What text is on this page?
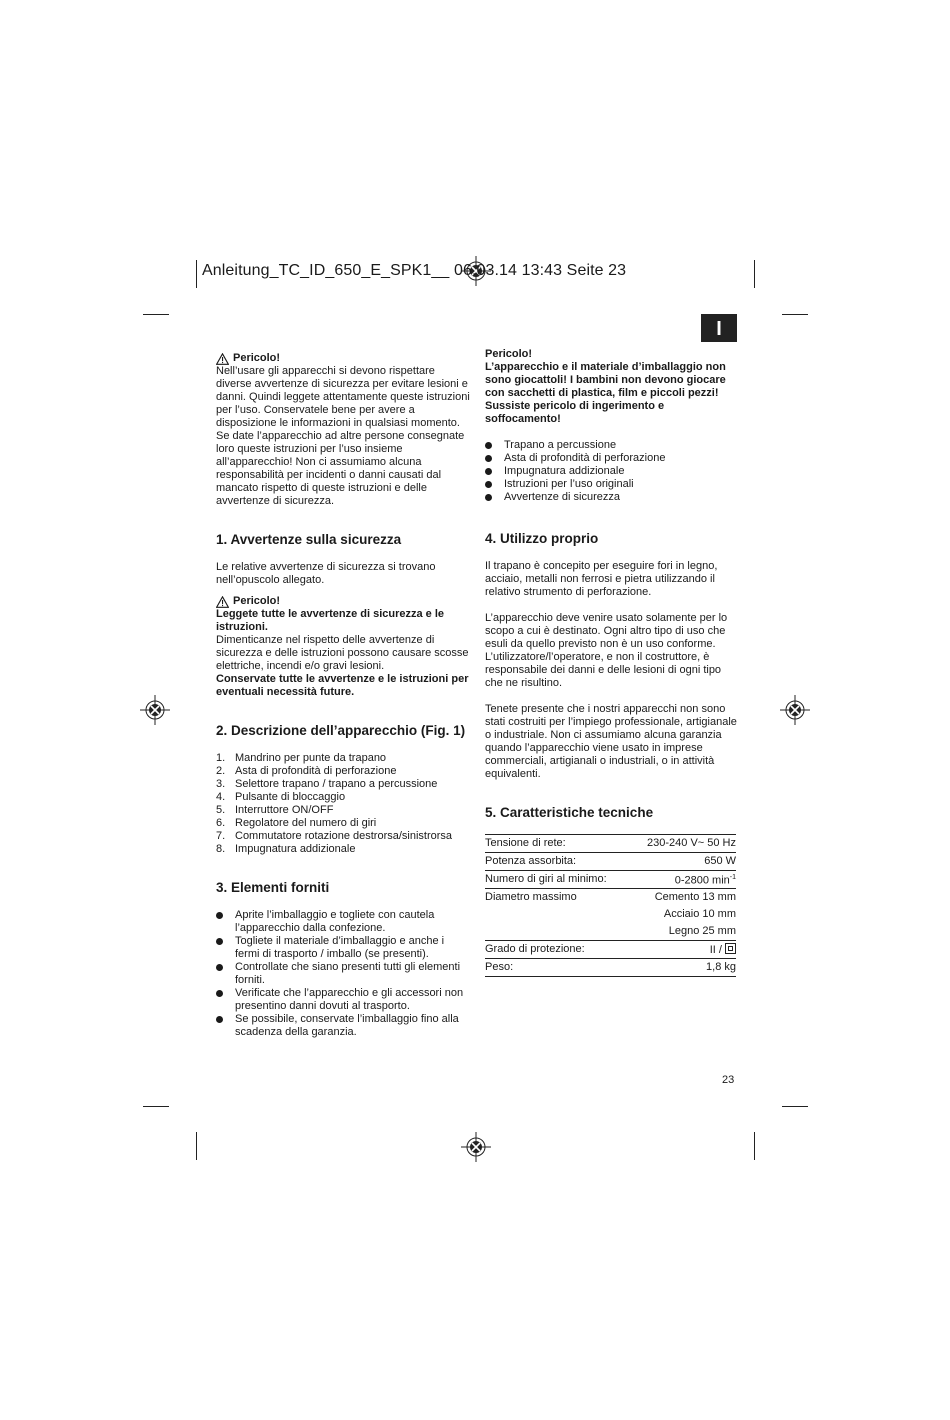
Anleitung_TC_ID_650_E_SPK1__ 06.03.14 13:43 Seite 23
I
Pericolo!

Nell’usare gli apparecchi si devono rispettare diverse avvertenze di sicurezza per evitare lesioni e danni. Quindi leggete attentamente queste istruzioni per l’uso. Conservatele bene per avere a disposizione le informazioni in qualsiasi momento. Se date l’apparecchio ad altre persone consegnate loro queste istruzioni per l’uso insieme all’apparecchio! Non ci assumiamo alcuna responsabilità per incidenti o danni causati dal mancato rispetto di queste istruzioni e delle avvertenze di sicurezza.

1. Avvertenze sulla sicurezza

Le relative avvertenze di sicurezza si trovano nell’opuscolo allegato.

Pericolo!

Leggete tutte le avvertenze di sicurezza e le istruzioni.

Dimenticanze nel rispetto delle avvertenze di sicurezza e delle istruzioni possono causare scosse elettriche, incendi e/o gravi lesioni.

Conservate tutte le avvertenze e le istruzioni per eventuali necessità future.

2. Descrizione dell’apparecchio (Fig. 1)
1. Mandrino per punte da trapano
2. Asta di profondità di perforazione
3. Selettore trapano / trapano a percussione
4. Pulsante di bloccaggio
5. Interruttore ON/OFF
6. Regolatore del numero di giri
7. Commutatore rotazione destrorsa/sinistrorsa
8. Impugnatura addizionale
3. Elementi forniti
Aprite l’imballaggio e togliete con cautela l’apparecchio dalla confezione.
Togliete il materiale d’imballaggio e anche i fermi di trasporto / imballo (se presenti).
Controllate che siano presenti tutti gli elementi forniti.
Verificate che l’apparecchio e gli accessori non presentino danni dovuti al trasporto.
Se possibile, conservate l’imballaggio fino alla scadenza della garanzia.

Pericolo!

L’apparecchio e il materiale d’imballaggio non sono giocattoli! I bambini non devono giocare con sacchetti di plastica, film e piccoli pezzi! Sussiste pericolo di ingerimento e soffocamento!

Trapano a percussione
Asta di profondità di perforazione
Impugnatura addizionale
Istruzioni per l’uso originali
Avvertenze di sicurezza
4. Utilizzo proprio

Il trapano è concepito per eseguire fori in legno, acciaio, metalli non ferrosi e pietra utilizzando il relativo strumento di perforazione.

L’apparecchio deve venire usato solamente per lo scopo a cui è destinato. Ogni altro tipo di uso che esuli da quello previsto non è un uso conforme. L’utilizzatore/l’operatore, e non il costruttore, è responsabile dei danni e delle lesioni di ogni tipo che ne risultino.

Tenete presente che i nostri apparecchi non sono stati costruiti per l’impiego professionale, artigianale o industriale. Non ci assumiamo alcuna garanzia quando l’apparecchio viene usato in imprese commerciali, artigianali o industriali, o in attività equivalenti.

5. Caratteristiche tecniche
Tensione di rete:	230-240 V~ 50 Hz
Potenza assorbita:	650 W
Numero di giri al minimo:	0-2800 $\min^{-1}$
Diametro massimo	Cemento 13 mm
	Acciaio 10 mm
	Legno 25 mm
Grado di protezione:	II /
Peso:	1,8 kg
23
